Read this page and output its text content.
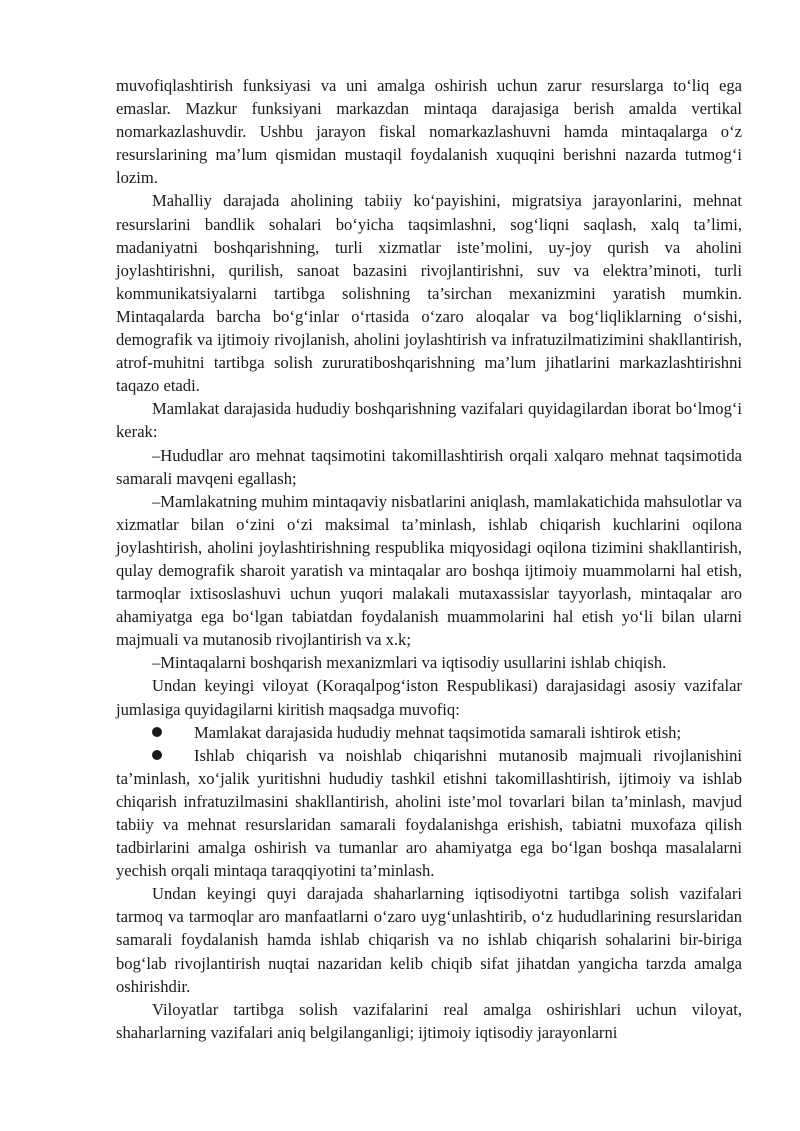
muvofiqlashtirish funksiyasi va uni amalga oshirish uchun zarur resurslarga to‘liq ega emaslar. Mazkur funksiyani markazdan mintaqa darajasiga berish amalda vertikal nomarkazlashuvdir. Ushbu jarayon fiskal nomarkazlashuvni hamda mintaqalarga o‘z resurslarining ma’lum qismidan mustaqil foydalanish xuquqini berishni nazarda tutmog‘i lozim.

Mahalliy darajada aholining tabiiy ko‘payishini, migratsiya jarayonlarini, mehnat resurslarini bandlik sohalari bo‘yicha taqsimlashni, sog‘liqni saqlash, xalq ta’limi, madaniyatni boshqarishning, turli xizmatlar iste’molini, uy-joy qurish va aholini joylashtirishni, qurilish, sanoat bazasini rivojlantirishni, suv va elektra’minoti, turli kommunikatsiyalarni tartibga solishning ta’sirchan mexanizmini yaratish mumkin. Mintaqalarda barcha bo‘g‘inlar o‘rtasida o‘zaro aloqalar va bog‘liqliklarning o‘sishi, demografik va ijtimoiy rivojlanish, aholini joylashtirish va infratuzilmatizimini shakllantirish, atrof-muhitni tartibga solish zururatiboshqarishning ma’lum jihatlarini markazlashtirishni taqazo etadi.

Mamlakat darajasida hududiy boshqarishning vazifalari quyidagilardan iborat bo‘lmog‘i kerak:

–Hududlar aro mehnat taqsimotini takomillashtirish orqali xalqaro mehnat taqsimotida samarali mavqeni egallash;

–Mamlakatning muhim mintaqaviy nisbatlarini aniqlash, mamlakatichida mahsulotlar va xizmatlar bilan o‘zini o‘zi maksimal ta’minlash, ishlab chiqarish kuchlarini oqilona joylashtirish, aholini joylashtirishning respublika miqyosidagi oqilona tizimini shakllantirish, qulay demografik sharoit yaratish va mintaqalar aro boshqa ijtimoiy muammolarni hal etish, tarmoqlar ixtisoslashuvi uchun yuqori malakali mutaxassislar tayyorlash, mintaqalar aro ahamiyatga ega bo‘lgan tabiatdan foydalanish muammolarini hal etish yo‘li bilan ularni majmuali va mutanosib rivojlantirish va x.k;

–Mintaqalarni boshqarish mexanizmlari va iqtisodiy usullarini ishlab chiqish.

Undan keyingi viloyat (Koraqalpog‘iston Respublikasi) darajasidagi asosiy vazifalar jumlasiga quyidagilarni kiritish maqsadga muvofiq:

Mamlakat darajasida hududiy mehnat taqsimotida samarali ishtirok etish;

Ishlab chiqarish va noishlab chiqarishni mutanosib majmuali rivojlanishini ta’minlash, xo‘jalik yuritishni hududiy tashkil etishni takomillashtirish, ijtimoiy va ishlab chiqarish infratuzilmasini shakllantirish, aholini iste’mol tovarlari bilan ta’minlash, mavjud tabiiy va mehnat resurslaridan samarali foydalanishga erishish, tabiatni muxofaza qilish tadbirlarini amalga oshirish va tumanlar aro ahamiyatga ega bo‘lgan boshqa masalalarni yechish orqali mintaqa taraqqiyotini ta’minlash.

Undan keyingi quyi darajada shaharlarning iqtisodiyotni tartibga solish vazifalari tarmoq va tarmoqlar aro manfaatlarni o‘zaro uyg‘unlashtirib, o‘z hududlarining resurslaridan samarali foydalanish hamda ishlab chiqarish va no ishlab chiqarish sohalarini bir-biriga bog‘lab rivojlantirish nuqtai nazaridan kelib chiqib sifat jihatdan yangicha tarzda amalga oshirishdir.

Viloyatlar tartibga solish vazifalarini real amalga oshirishlari uchun viloyat, shaharlarning vazifalari aniq belgilanganligi; ijtimoiy iqtisodiy jarayonlarni
